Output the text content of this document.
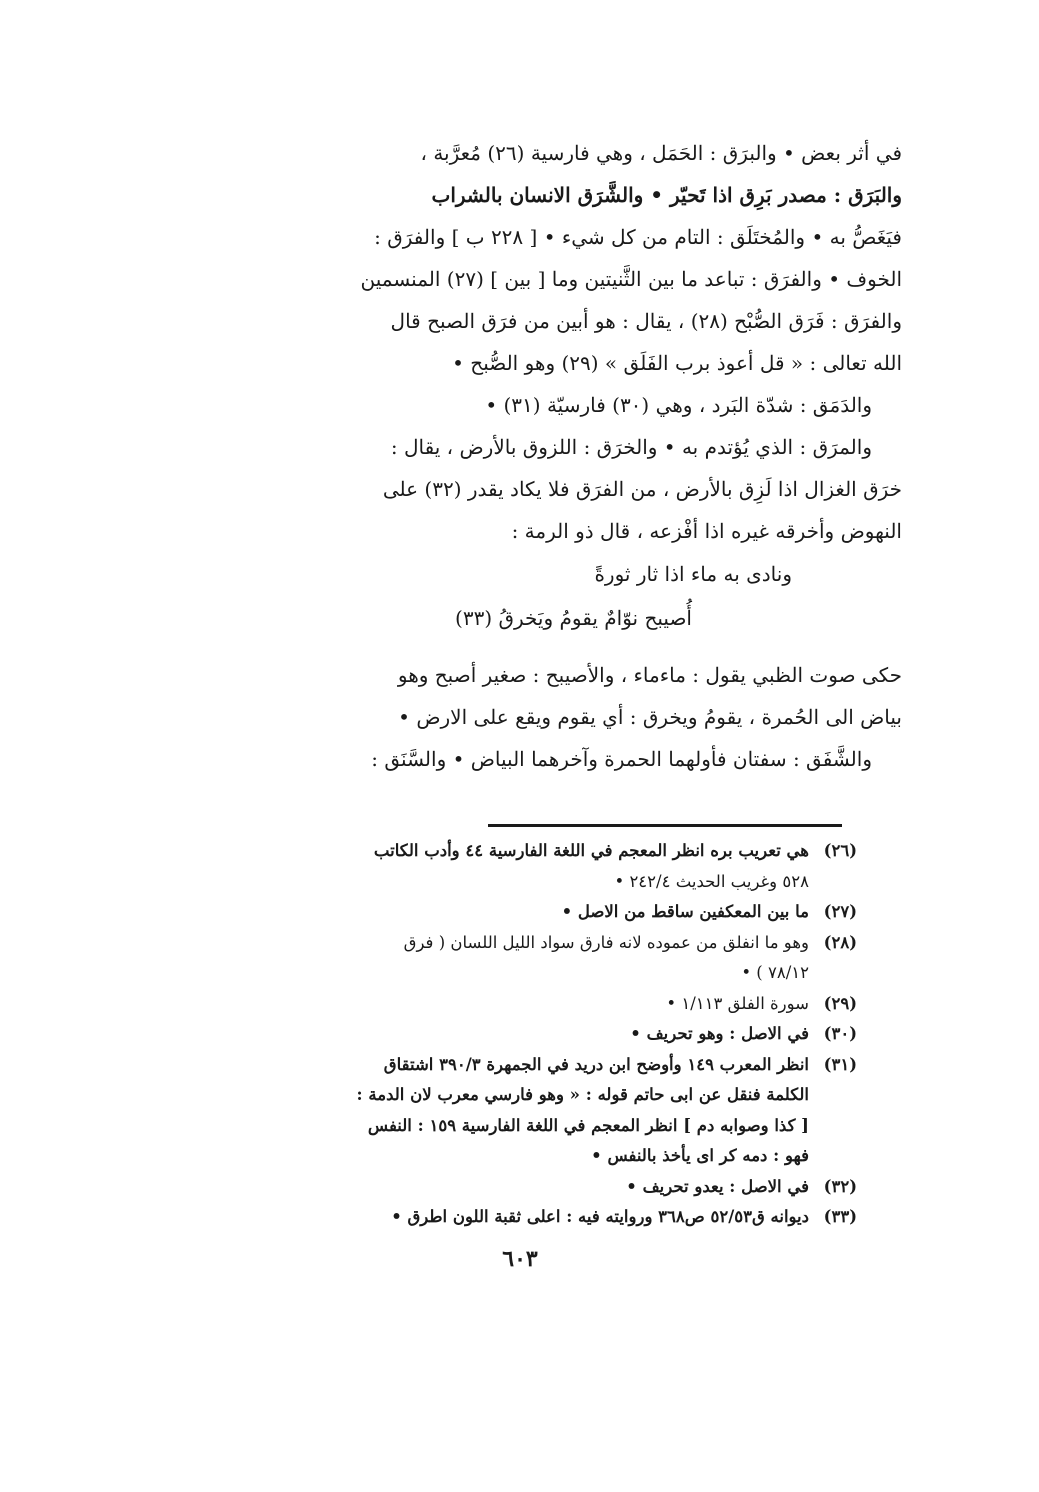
في أثر بعض • والبرَق : الحَمَل ، وهي فارسية (٢٦) مُعرَّبة ،
والبَرَق : مصدر بَرِق اذا تَحيّر • والشَّرَق الانسان بالشراب
فيَغَصُّ به • والمُختَلَق : التام من كل شيء • [ ٢٢٨ ب ] والفرَق :
الخوف • والفرَق : تباعد ما بين الثَّنيتين وما [ بين ] (٢٧) المنسمين
والفرَق : فَرَق الصُّبْح (٢٨) ، يقال : هو أبين من فرَق الصبح قال
الله تعالى : « قل أعوذ برب الفَلَق » (٢٩) وهو الصُّبح •
والدَمَق : شدّة البَرد ، وهي (٣٠) فارسيّة (٣١) •
والمرَق : الذي يُؤتدم به • والخرَق : اللزوق بالأرض ، يقال :
خرَق الغزال اذا لَزِق بالأرض ، من الفرَق فلا يكاد يقدر (٣٢) على
النهوض وأخرقه غيره اذا أفْزعه ، قال ذو الرمة :
ونادى به ماء اذا ثار ثورةً
أُصيبح نوّامٌ يقومُ ويَخرقُ (٣٣)
حكى صوت الظبي يقول : ماءماء ، والأصيبح : صغير أصبح وهو
بياض الى الحُمرة ، يقومُ ويخرق : أي يقوم ويقع على الارض •
والشَّفَق : سفتان فأولهما الحمرة وآخرهما البياض • والسَّنَق :
(٢٦)
هي تعريب بره انظر المعجم في اللغة الفارسية ٤٤ وأدب الكاتب
٥٢٨ وغريب الحديث ٢٤٢/٤ •
(٢٧)
ما بين المعكفين ساقط من الاصل •
(٢٨)
وهو ما انفلق من عموده لانه فارق سواد الليل اللسان ( فرق
٧٨/١٢ ) •
(٢٩)
سورة الفلق ١/١١٣ •
(٣٠)
في الاصل : وهو تحريف •
(٣١)
انظر المعرب ١٤٩ وأوضح ابن دريد في الجمهرة ٣٩٠/٣ اشتقاق
الكلمة فنقل عن ابى حاتم قوله : « وهو فارسي معرب لان الدمة :
[ كذا وصوابه دم ] انظر المعجم في اللغة الفارسية ١٥٩ : النفس
فهو : دمه كر اى يأخذ بالنفس •
(٣٢)
في الاصل : يعدو تحريف •
(٣٣)
ديوانه ق٥٢/٥٣ ص٣٦٨ وروايته فيه : اعلى ثقبة اللون اطرق •
٦٠٣
